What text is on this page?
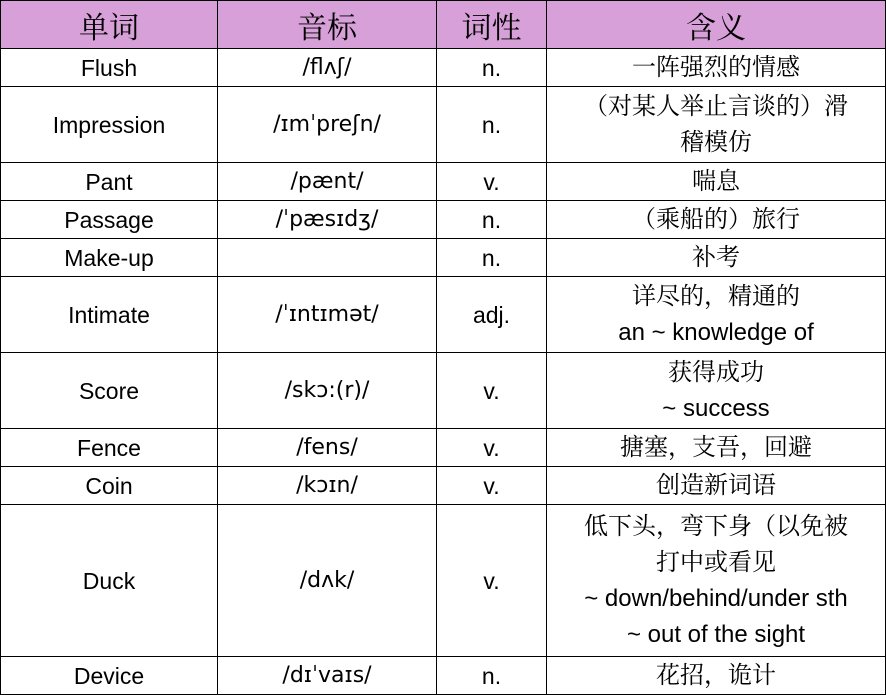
单词	音标	词性	含义
Flush	/flʌʃ/	n.	一阵强烈的情感

Impression	/ɪmˈpreʃn/	n.	（对某人举止言谈的）滑
稽模仿

Pant	/pænt/	v.	喘息

Passage	/ˈpæsɪdʒ/	n.	（乘船的）旅行

Make-up		n.	补考

Intimate	/ˈɪntɪmət/	adj.	详尽的，精通的
an ~ knowledge of

Score	/skɔ:(r)/	v.	获得成功
~ success

Fence	/fens/	v.	搪塞，支吾，回避

Coin	/kɔɪn/	v.	创造新词语

Duck	/dʌk/	v.	低下头，弯下身（以免被
打中或看见
~ down/behind/under sth
~ out of the sight

Device	/dɪˈvaɪs/	n.	花招，诡计
